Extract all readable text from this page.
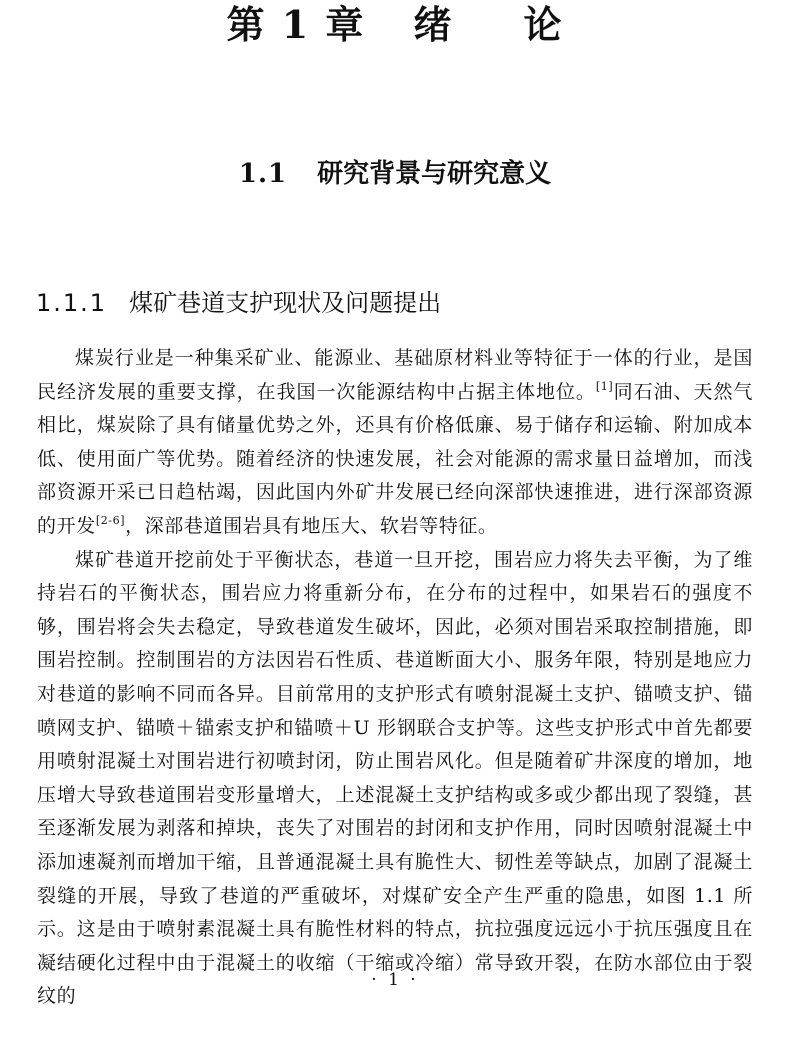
第 1 章 绪 论
1.1 研究背景与研究意义
1.1.1 煤矿巷道支护现状及问题提出

煤炭行业是一种集采矿业、能源业、基础原材料业等特征于一体的行业，是国民经济发展的重要支撑，在我国一次能源结构中占据主体地位。[1]同石油、天然气相比，煤炭除了具有储量优势之外，还具有价格低廉、易于储存和运输、附加成本低、使用面广等优势。随着经济的快速发展，社会对能源的需求量日益增加，而浅部资源开采已日趋枯竭，因此国内外矿井发展已经向深部快速推进，进行深部资源的开发[2-6]，深部巷道围岩具有地压大、软岩等特征。

煤矿巷道开挖前处于平衡状态，巷道一旦开挖，围岩应力将失去平衡，为了维持岩石的平衡状态，围岩应力将重新分布，在分布的过程中，如果岩石的强度不够，围岩将会失去稳定，导致巷道发生破坏，因此，必须对围岩采取控制措施，即围岩控制。控制围岩的方法因岩石性质、巷道断面大小、服务年限，特别是地应力对巷道的影响不同而各异。目前常用的支护形式有喷射混凝土支护、锚喷支护、锚喷网支护、锚喷＋锚索支护和锚喷＋U 形钢联合支护等。这些支护形式中首先都要用喷射混凝土对围岩进行初喷封闭，防止围岩风化。但是随着矿井深度的增加，地压增大导致巷道围岩变形量增大，上述混凝土支护结构或多或少都出现了裂缝，甚至逐渐发展为剥落和掉块，丧失了对围岩的封闭和支护作用，同时因喷射混凝土中添加速凝剂而增加干缩，且普通混凝土具有脆性大、韧性差等缺点，加剧了混凝土裂缝的开展，导致了巷道的严重破坏，对煤矿安全产生严重的隐患，如图 1.1 所示。这是由于喷射素混凝土具有脆性材料的特点，抗拉强度远远小于抗压强度且在凝结硬化过程中由于混凝土的收缩（干缩或冷缩）常导致开裂，在防水部位由于裂纹的

· 1 ·
